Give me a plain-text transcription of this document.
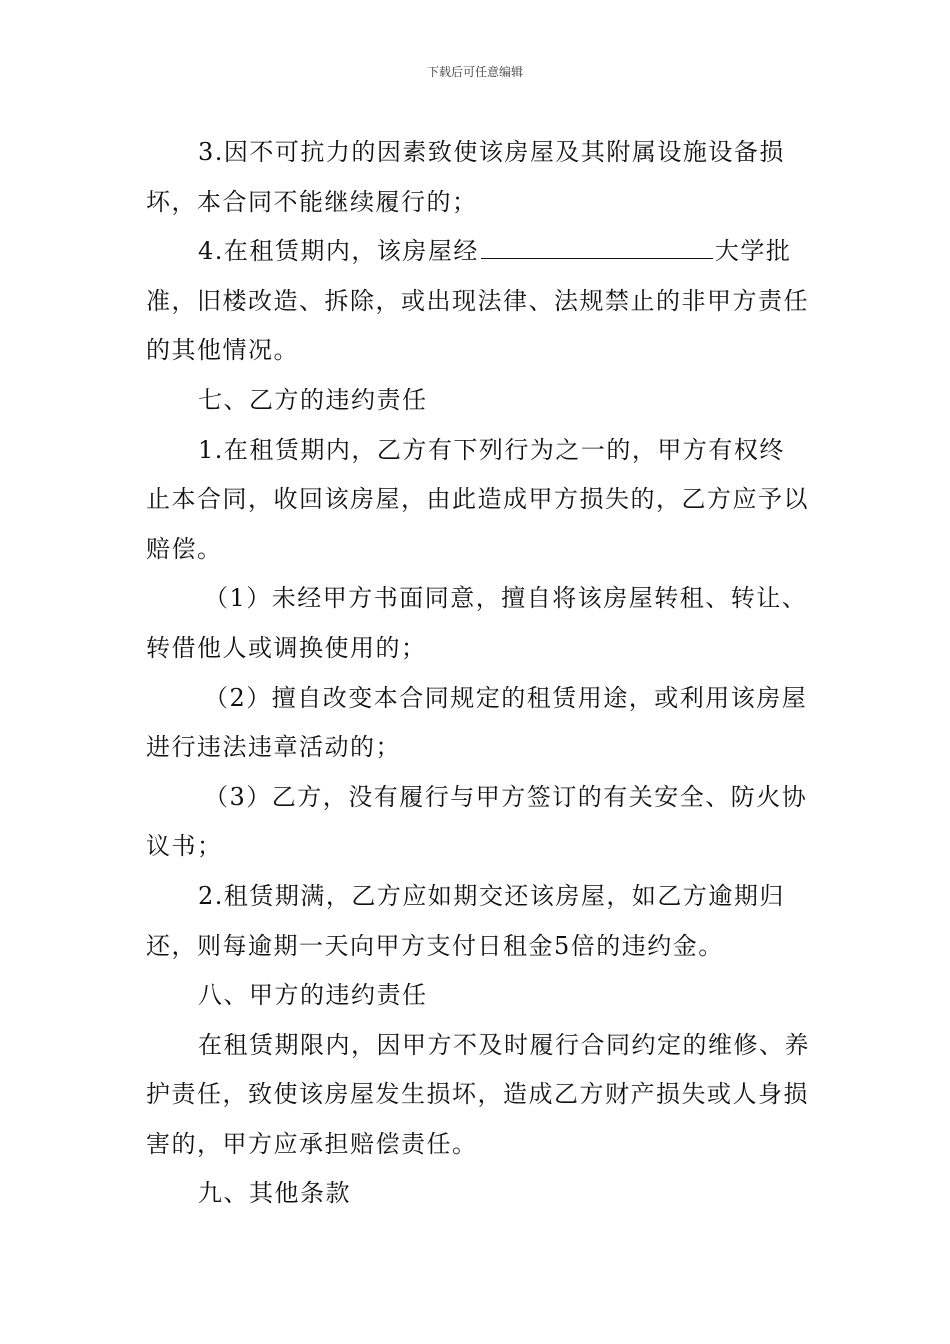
下载后可任意编辑

3.因不可抗力的因素致使该房屋及其附属设施设备损坏，本合同不能继续履行的；

4.在租赁期内，该房屋经	大学批准，旧楼改造、拆除，或出现法律、法规禁止的非甲方责任的其他情况。

七、乙方的违约责任

1.在租赁期内，乙方有下列行为之一的，甲方有权终止本合同，收回该房屋，由此造成甲方损失的，乙方应予以赔偿。

（1）未经甲方书面同意，擅自将该房屋转租、转让、转借他人或调换使用的；

（2）擅自改变本合同规定的租赁用途，或利用该房屋进行违法违章活动的；

（3）乙方，没有履行与甲方签订的有关安全、防火协议书；

2.租赁期满，乙方应如期交还该房屋，如乙方逾期归还，则每逾期一天向甲方支付日租金5倍的违约金。

八、甲方的违约责任

在租赁期限内，因甲方不及时履行合同约定的维修、养护责任，致使该房屋发生损坏，造成乙方财产损失或人身损害的，甲方应承担赔偿责任。

九、其他条款
